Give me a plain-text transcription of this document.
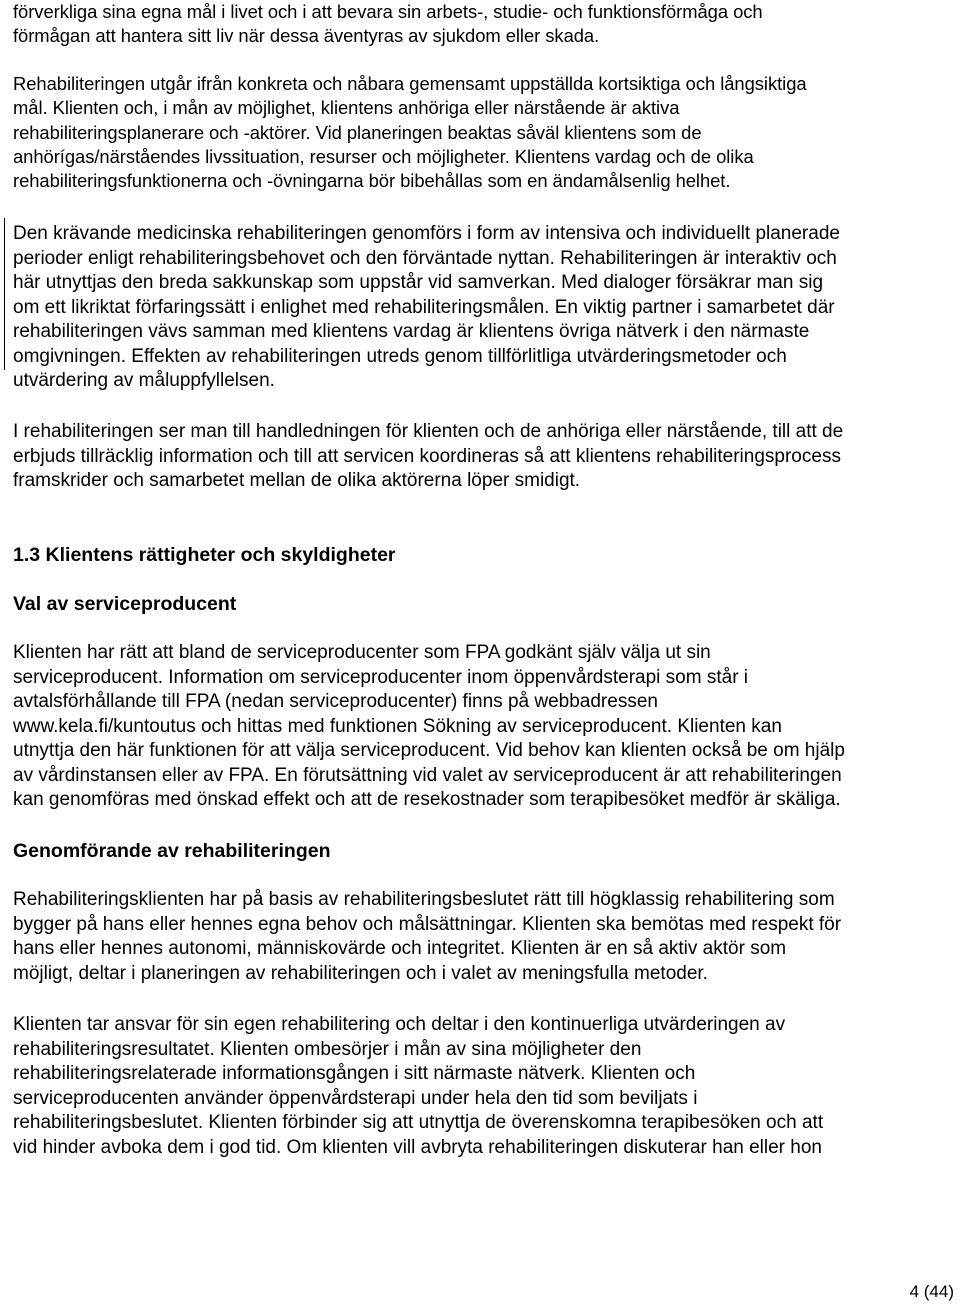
förverkliga sina egna mål i livet och i att bevara sin arbets-, studie- och funktionsförmåga och
förmågan att hantera sitt liv när dessa äventyras av sjukdom eller skada.

Rehabiliteringen utgår ifrån konkreta och nåbara gemensamt uppställda kortsiktiga och långsiktiga
mål. Klienten och, i mån av möjlighet, klientens anhöriga eller närstående är aktiva
rehabiliteringsplanerare och -aktörer. Vid planeringen beaktas såväl klientens som de
anhörígas/närståendes livssituation, resurser och möjligheter. Klientens vardag och de olika
rehabiliteringsfunktionerna och -övningarna bör bibehållas som en ändamålsenlig helhet.

Den krävande medicinska rehabiliteringen genomförs i form av intensiva och individuellt planerade
perioder enligt rehabiliteringsbehovet och den förväntade nyttan. Rehabiliteringen är interaktiv och
här utnyttjas den breda sakkunskap som uppstår vid samverkan. Med dialoger försäkrar man sig
om ett likriktat förfaringssätt i enlighet med rehabiliteringsmålen. En viktig partner i samarbetet där
rehabiliteringen vävs samman med klientens vardag är klientens övriga nätverk i den närmaste
omgivningen. Effekten av rehabiliteringen utreds genom tillförlitliga utvärderingsmetoder och
utvärdering av måluppfyllelsen.

I rehabiliteringen ser man till handledningen för klienten och de anhöriga eller närstående, till att de
erbjuds tillräcklig information och till att servicen koordineras så att klientens rehabiliteringsprocess
framskrider och samarbetet mellan de olika aktörerna löper smidigt.

1.3 Klientens rättigheter och skyldigheter
Val av serviceproducent

Klienten har rätt att bland de serviceproducenter som FPA godkänt själv välja ut sin
serviceproducent. Information om serviceproducenter inom öppenvårdsterapi som står i
avtalsförhållande till FPA (nedan serviceproducenter) finns på webbadressen
www.kela.fi/kuntoutus och hittas med funktionen Sökning av serviceproducent. Klienten kan
utnyttja den här funktionen för att välja serviceproducent. Vid behov kan klienten också be om hjälp
av vårdinstansen eller av FPA. En förutsättning vid valet av serviceproducent är att rehabiliteringen
kan genomföras med önskad effekt och att de resekostnader som terapibesöket medför är skäliga.

Genomförande av rehabiliteringen

Rehabiliteringsklienten har på basis av rehabiliteringsbeslutet rätt till högklassig rehabilitering som
bygger på hans eller hennes egna behov och målsättningar. Klienten ska bemötas med respekt för
hans eller hennes autonomi, människovärde och integritet. Klienten är en så aktiv aktör som
möjligt, deltar i planeringen av rehabiliteringen och i valet av meningsfulla metoder.

Klienten tar ansvar för sin egen rehabilitering och deltar i den kontinuerliga utvärderingen av
rehabiliteringsresultatet. Klienten ombesörjer i mån av sina möjligheter den
rehabiliteringsrelaterade informationsgången i sitt närmaste nätverk. Klienten och
serviceproducenten använder öppenvårdsterapi under hela den tid som beviljats i
rehabiliteringsbeslutet. Klienten förbinder sig att utnyttja de överenskomna terapibesöken och att
vid hinder avboka dem i god tid. Om klienten vill avbryta rehabiliteringen diskuterar han eller hon

4 (44)
